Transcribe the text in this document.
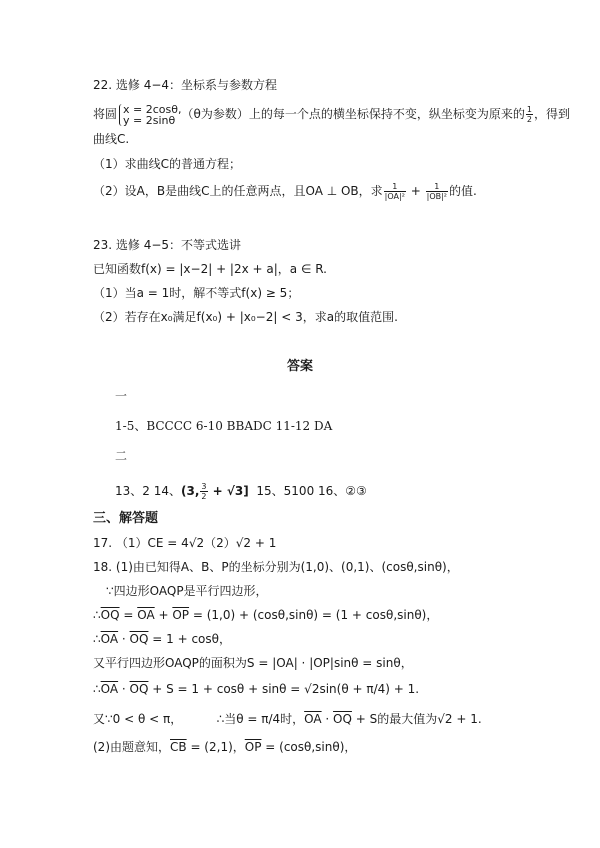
22. 选修 4−4：坐标系与参数方程
将圆 x = 2cosθ,
y = 2sinθ （θ为参数）上的每一个点的横坐标保持不变，纵坐标变为原来的 $\frac{1}{2}$ ，得到
曲线C.
（1）求曲线C的普通方程；
（2）设A，B是曲线C上的任意两点，且OA ⊥ OB，求 $\frac{1}{\text{|OA|²}} + \frac{1}{\text{|OB|²}}$ 的值.
23. 选修 4−5：不等式选讲
已知函数f(x) = |x−2| + |2x + a|，a ∈ R.
（1）当a = 1时，解不等式f(x) ≥ 5；
（2）若存在x₀满足f(x₀) + |x₀−2| < 3，求a的取值范围.
答案
一
1-5、BCCCC 6-10 BBADC 11-12 DA
二
13、2 14、(3, $\frac{3}{2} + √3$] 15、5100 16、②③
三、解答题
17. （1）CE = 4√2（2）√2 + 1
18. (1)由已知得A、B、P的坐标分别为(1,0)、(0,1)、(cosθ,sinθ)，
∵四边形OAQP是平行四边形，
$\therefore\overline{OQ} = \overline{OA} + \overline{OP} = (1,0) + (\cos\theta,\sin\theta) = (1 + \cos\theta,\sin\theta)$，
$\therefore\overline{OA} \cdot \overline{OQ} = 1 + \cos\theta$，
又平行四边形OAQP的面积为S = |OA| · |OP|sinθ = sinθ，
$\therefore\overline{OA} \cdot \overline{OQ} + S = 1 + \cos\theta + \sin\theta = √2\sin(\theta + \pi/4) + 1$.
又∵0 < θ < π，	∴当θ = π/4时，$\overline{OA} \cdot \overline{OQ} + S$的最大值为√2 + 1.
(2)由题意知，$\overline{CB} = (2,1)$，$\overline{OP} = (\cos\theta,\sin\theta)$，
